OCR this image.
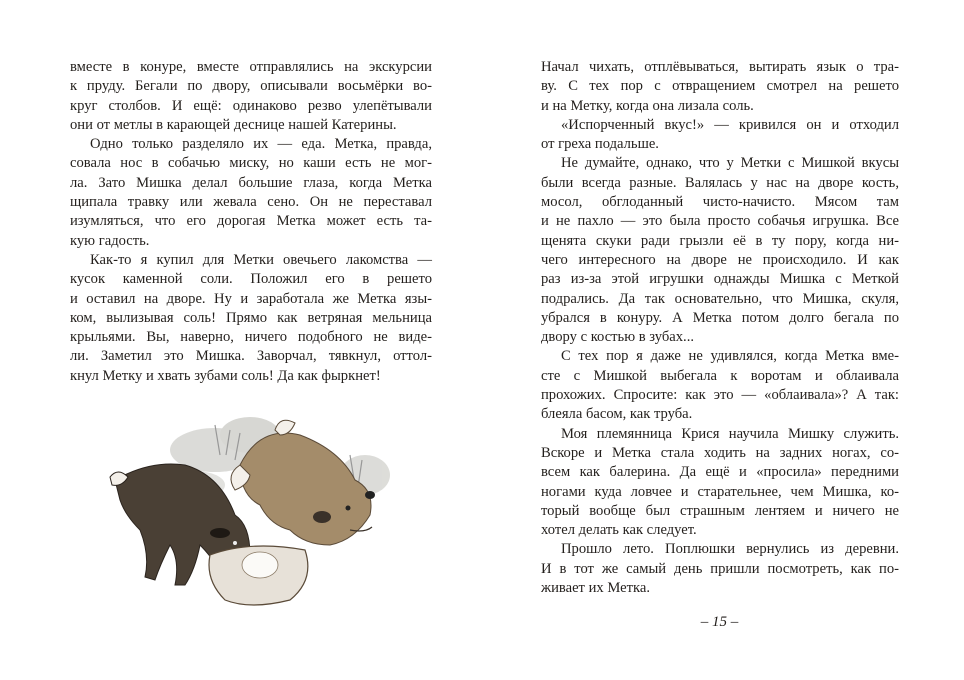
вместе в конуре, вместе отправлялись на экскурсии
к пруду. Бегали по двору, описывали восьмёрки во-
круг столбов. И ещё: одинаково резво улепётывали
они от метлы в карающей деснице нашей Катерины.
Одно только разделяло их — еда. Метка, правда,
совала нос в собачью миску, но каши есть не мог-
ла. Зато Мишка делал большие глаза, когда Метка
щипала травку или жевала сено. Он не переставал
изумляться, что его дорогая Метка может есть та-
кую гадость.
Как-то я купил для Метки овечьего лакомства —
кусок каменной соли. Положил его в решето
и оставил на дворе. Ну и заработала же Метка язы-
ком, вылизывая соль! Прямо как ветряная мельница
крыльями. Вы, наверно, ничего подобного не виде-
ли. Заметил это Мишка. Заворчал, тявкнул, оттол-
кнул Метку и хвать зубами соль! Да как фыркнет!
Начал чихать, отплёвываться, вытирать язык о тра-
ву. С тех пор с отвращением смотрел на решето
и на Метку, когда она лизала соль.
«Испорченный вкус!» — кривился он и отходил
от греха подальше.
Не думайте, однако, что у Метки с Мишкой вкусы
были всегда разные. Валялась у нас на дворе кость,
мосол, обглоданный чисто-начисто. Мясом там
и не пахло — это была просто собачья игрушка. Все
щенята скуки ради грызли её в ту пору, когда ни-
чего интересного на дворе не происходило. И как
раз из-за этой игрушки однажды Мишка с Меткой
подрались. Да так основательно, что Мишка, скуля,
убрался в конуру. А Метка потом долго бегала по
двору с костью в зубах...
С тех пор я даже не удивлялся, когда Метка вме-
сте с Мишкой выбегала к воротам и облаивала
прохожих. Спросите: как это — «облаивала»? А так:
блеяла басом, как труба.
Моя племянница Крися научила Мишку служить.
Вскоре и Метка стала ходить на задних ногах, со-
всем как балерина. Да ещё и «просила» передними
ногами куда ловчее и старательнее, чем Мишка, ко-
торый вообще был страшным лентяем и ничего не
хотел делать как следует.
Прошло лето. Поплюшки вернулись из деревни.
И в тот же самый день пришли посмотреть, как по-
живает их Метка.
– 15 –
